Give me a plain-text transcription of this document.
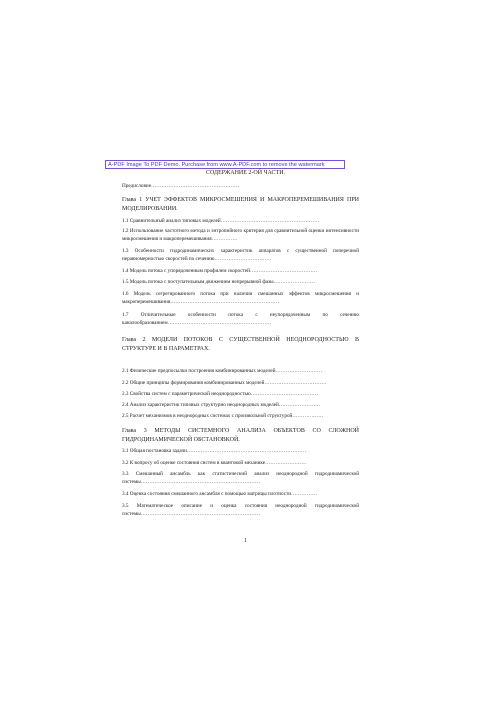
A-PDF Image To PDF Demo. Purchase from www.A-PDF.com to remove the watermark
СОДЕРЖАНИЕ 2-ОЙ ЧАСТИ.
Предисловие……………………………………………
Глава 1 УЧЕТ ЭФФЕКТОВ МИКРОСМЕШЕНИЯ И МАКРОПЕРЕМЕШИВАНИЯ ПРИ МОДЕЛИРОВАНИИ.
1.1 Сравнительный анализ типовых моделей…………………………………………………
1.2 Использование частотного метода и энтропийного критерия для сравнительной оценки интенсивности микросмешения и макроперемешивания……………
1.3 Особенности гидродинамических характеристик аппаратов с существенной поперечной неравномерностью скоростей по сечению……………………………
1.4 Модель потока с упорядоченным профилем скоростей…………………………………
1.5 Модель потока с поступательным движением непрерывной фазы……………………
1.6 Модель сегрегированного потока при наличии смешанных эффектов микросмешения и макроперемешивания………………………………………………………
1.7 Отличительные особенности потока с неупорядоченным по сечению каналообразованием……………………………………………………
Глава 2 МОДЕЛИ ПОТОКОВ С СУЩЕСТВЕННОЙ НЕОДНОРОДНОСТЬЮ В СТРУКТУРЕ И В ПАРАМЕТРАХ.
2.1 Физические предпосылки построения комбинированных моделей………………………
2.2 Общие принципы формирования комбинированных моделей………………………………
2.3 Свойства систем с параметрической неоднородностью…………………………………
2.4 Анализ характеристик типовых структурно неоднородных моделей……………………
2.5 Расчет механизмов в неоднородных системах с произвольной структурой………………
Глава 3 МЕТОДЫ СИСТЕМНОГО АНАЛИЗА ОБЪЕКТОВ СО СЛОЖНОЙ ГИДРОДИНАМИЧЕСКОЙ ОБСТАНОВКОЙ.
3.1 Общая постановка задачи……………………………………………………………
3.2 К вопросу об оценке состояния систем в квантовой механике……………………
3.3 Смешанный ансамбль как статистический анализ неоднородной гидродинамической системы……………………………………………………………
3.4 Оценка состояния смешанного ансамбля с помощью матрицы плотности……………
3.5 Математическое описание и оценка состояния неоднородной гидродинамической системы……………………………………………………………
1
